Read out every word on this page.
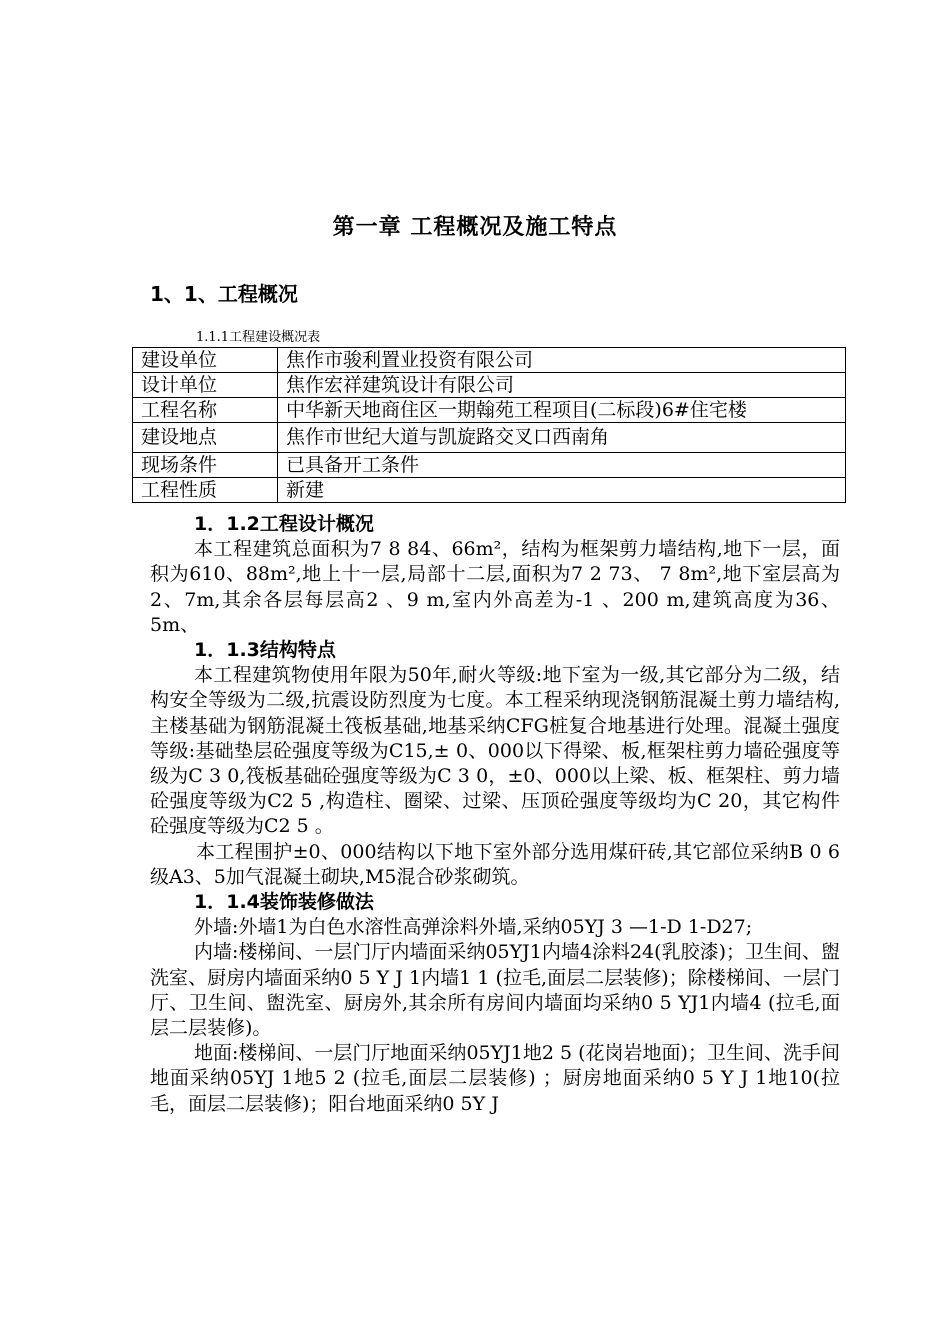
第一章 工程概况及施工特点
1、1、工程概况
1.1.1工程建设概况表
建设单位	焦作市骏利置业投资有限公司
设计单位	焦作宏祥建筑设计有限公司
工程名称	中华新天地商住区一期翰苑工程项目(二标段)6#住宅楼
建设地点	焦作市世纪大道与凯旋路交叉口西南角
现场条件	已具备开工条件
工程性质	新建

1．1.2工程设计概况

本工程建筑总面积为7 8 84、66m²，结构为框架剪力墙结构,地下一层，面积为610、88m²,地上十一层,局部十二层,面积为7 2 73、 7 8m²,地下室层高为2、7m,其余各层每层高2 、9 m,室内外高差为-1 、200 m,建筑高度为36、5m、

1．1.3结构特点

本工程建筑物使用年限为50年,耐火等级:地下室为一级,其它部分为二级，结构安全等级为二级,抗震设防烈度为七度。本工程采纳现浇钢筋混凝土剪力墙结构,主楼基础为钢筋混凝土筏板基础,地基采纳CFG桩复合地基进行处理。混凝土强度等级:基础垫层砼强度等级为C15,± 0、000以下得梁、板,框架柱剪力墙砼强度等级为C 3 0,筏板基础砼强度等级为C 3 0，±0、000以上梁、板、框架柱、剪力墙砼强度等级为C2 5 ,构造柱、圈梁、过梁、压顶砼强度等级均为C 20，其它构件砼强度等级为C2 5 。

本工程围护±0、000结构以下地下室外部分选用煤矸砖,其它部位采纳B 0 6级A3、5加气混凝土砌块,M5混合砂浆砌筑。

1．1.4装饰装修做法

外墙:外墙1为白色水溶性高弹涂料外墙,采纳05YJ 3 —1-D 1-D27;

内墙:楼梯间、一层门厅内墙面采纳05YJ1内墙4涂料24(乳胶漆)；卫生间、盥洗室、厨房内墙面采纳0 5 Y J 1内墙1 1 (拉毛,面层二层装修)；除楼梯间、一层门厅、卫生间、盥洗室、厨房外,其余所有房间内墙面均采纳0 5 YJ1内墙4 (拉毛,面层二层装修)。

地面:楼梯间、一层门厅地面采纳05YJ1地2 5 (花岗岩地面)；卫生间、洗手间地面采纳05YJ 1地5 2 (拉毛,面层二层装修) ；厨房地面采纳0 5 Y J 1地10(拉毛，面层二层装修)；阳台地面采纳0 5Y J
